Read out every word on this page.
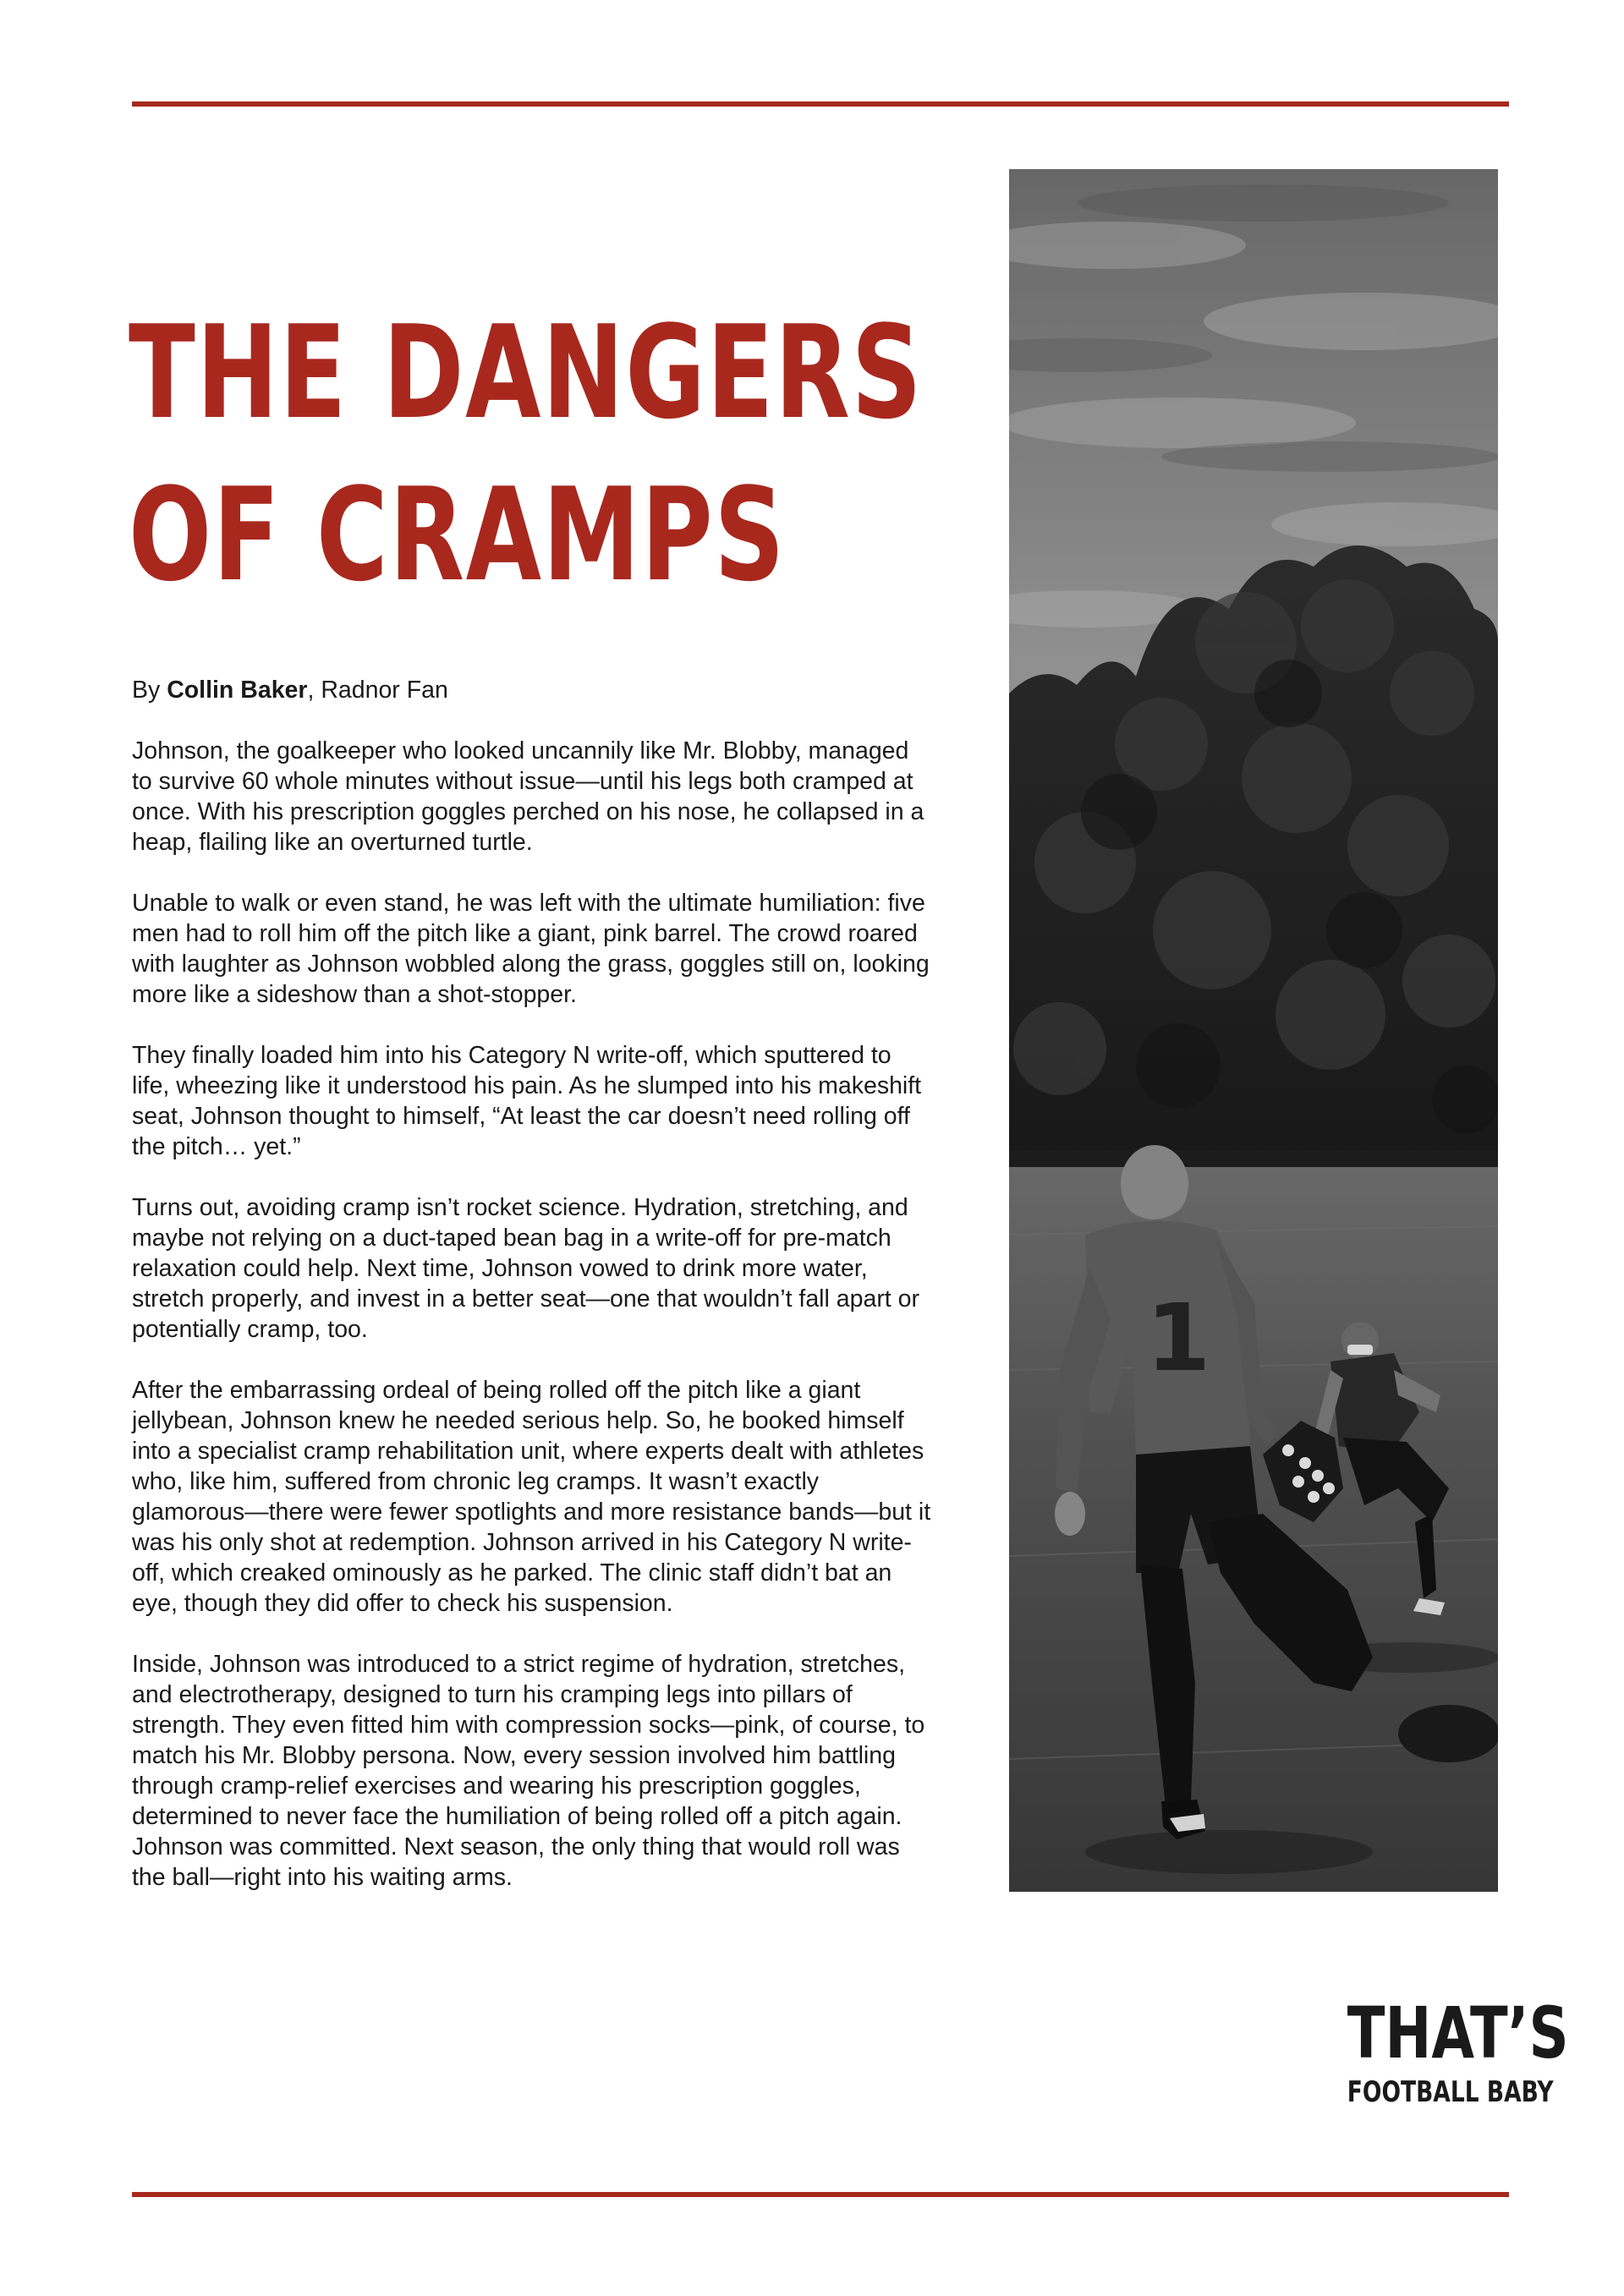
THE DANGERS
OF CRAMPS

By Collin Baker, Radnor Fan

Johnson, the goalkeeper who looked uncannily like Mr. Blobby, managed to survive 60 whole minutes without issue—until his legs both cramped at once. With his prescription goggles perched on his nose, he collapsed in a heap, flailing like an overturned turtle.

Unable to walk or even stand, he was left with the ultimate humiliation: five men had to roll him off the pitch like a giant, pink barrel. The crowd roared with laughter as Johnson wobbled along the grass, goggles still on, looking more like a sideshow than a shot-stopper.

They finally loaded him into his Category N write-off, which sputtered to life, wheezing like it understood his pain. As he slumped into his makeshift seat, Johnson thought to himself, “At least the car doesn’t need rolling off the pitch… yet.”

Turns out, avoiding cramp isn’t rocket science. Hydration, stretching, and maybe not relying on a duct-taped bean bag in a write-off for pre-match relaxation could help. Next time, Johnson vowed to drink more water, stretch properly, and invest in a better seat—one that wouldn’t fall apart or potentially cramp, too.

After the embarrassing ordeal of being rolled off the pitch like a giant jellybean, Johnson knew he needed serious help. So, he booked himself into a specialist cramp rehabilitation unit, where experts dealt with athletes who, like him, suffered from chronic leg cramps. It wasn’t exactly glamorous—there were fewer spotlights and more resistance bands—but it was his only shot at redemption. Johnson arrived in his Category N write-off, which creaked ominously as he parked. The clinic staff didn’t bat an eye, though they did offer to check his suspension.

Inside, Johnson was introduced to a strict regime of hydration, stretches, and electrotherapy, designed to turn his cramping legs into pillars of strength. They even fitted him with compression socks—pink, of course, to match his Mr. Blobby persona. Now, every session involved him battling through cramp-relief exercises and wearing his prescription goggles, determined to never face the humiliation of being rolled off a pitch again. Johnson was committed. Next season, the only thing that would roll was the ball—right into his waiting arms.

1
THAT’S
FOOTBALL BABY
